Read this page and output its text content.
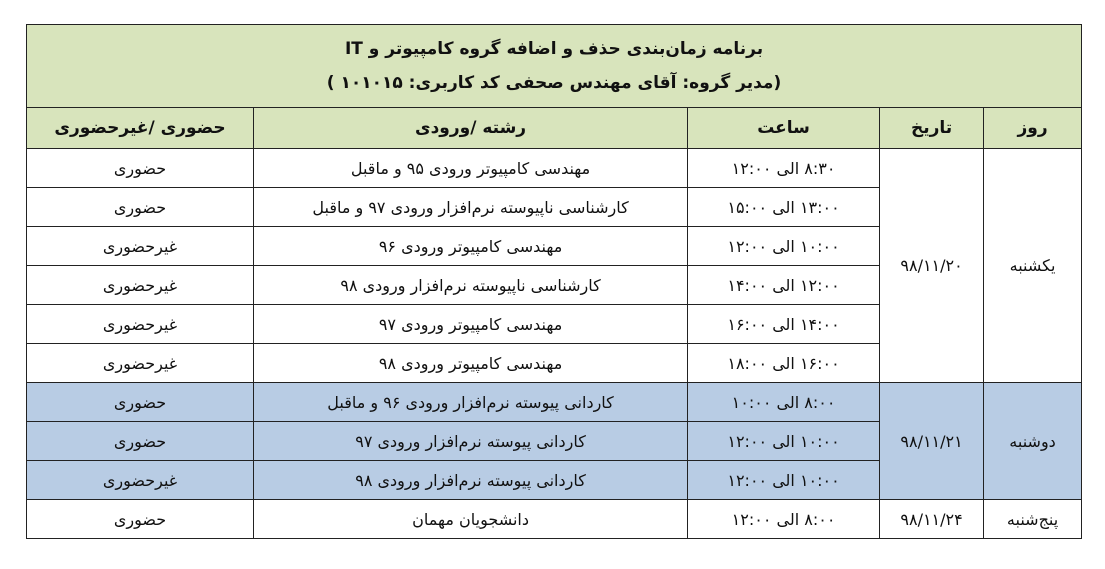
برنامه زمان‌بندی حذف و اضافه گروه کامپیوتر و IT
(مدیر گروه: آقای مهندس صحفی کد کاربری: ۱۰۱۰۱۵ )				

روز	تاریخ	ساعت	رشته /ورودی	حضوری /غیرحضوری
یکشنبه	۹۸/۱۱/۲۰	۸:۳۰ الی ۱۲:۰۰	مهندسی کامپیوتر ورودی ۹۵ و ماقبل	حضوری
		۱۳:۰۰ الی ۱۵:۰۰	کارشناسی ناپیوسته نرم‌افزار ورودی ۹۷ و ماقبل	حضوری
		۱۰:۰۰ الی ۱۲:۰۰	مهندسی کامپیوتر ورودی ۹۶	غیرحضوری
		۱۲:۰۰ الی ۱۴:۰۰	کارشناسی ناپیوسته نرم‌افزار ورودی ۹۸	غیرحضوری
		۱۴:۰۰ الی ۱۶:۰۰	مهندسی کامپیوتر ورودی ۹۷	غیرحضوری
		۱۶:۰۰ الی ۱۸:۰۰	مهندسی کامپیوتر ورودی ۹۸	غیرحضوری
دوشنبه	۹۸/۱۱/۲۱	۸:۰۰ الی ۱۰:۰۰	کاردانی پیوسته نرم‌افزار ورودی ۹۶ و ماقبل	حضوری
		۱۰:۰۰ الی ۱۲:۰۰	کاردانی پیوسته نرم‌افزار ورودی ۹۷	حضوری
		۱۰:۰۰ الی ۱۲:۰۰	کاردانی پیوسته نرم‌افزار ورودی ۹۸	غیرحضوری
پنج‌شنبه	۹۸/۱۱/۲۴	۸:۰۰ الی ۱۲:۰۰	دانشجویان مهمان	حضوری
